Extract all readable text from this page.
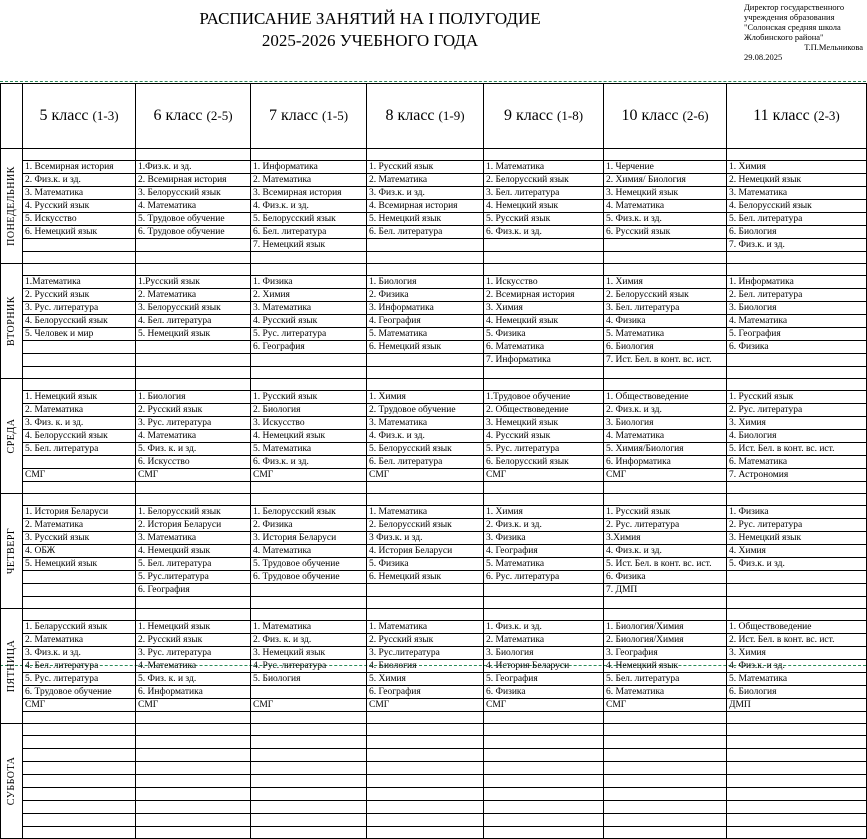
РАСПИСАНИЕ ЗАНЯТИЙ НА I ПОЛУГОДИЕ
2025-2026 УЧЕБНОГО ГОДА
Директор государственного
учреждения образования
"Солонская средняя школа
Жлобинского района"
Т.П.Мельникова
29.08.2025
	5 класс (1-3)	6 класс (2-5)	7 класс (1-5)	8 класс (1-9)	9 класс (1-8)	10 класс (2-6)	11 класс (2-3)

ПОНЕДЕЛЬНИК							

	1. Всемирная история	1.Физ.к. и зд.	1. Информатика	1. Русский язык	1. Математика	1. Черчение	1. Химия
	2. Физ.к. и зд.	2. Всемирная история	2. Математика	2. Математика	2. Белорусский язык	2. Химия/ Биология	2. Немецкий язык
	3. Математика	3. Белорусский язык	3. Всемирная история	3. Физ.к. и зд.	3. Бел. литература	3. Немецкий язык	3. Математика
	4. Русский язык	4. Математика	4. Физ.к. и зд.	4. Всемирная история	4. Немецкий язык	4. Математика	4. Белорусский язык
	5. Искусство	5. Трудовое обучение	5. Белорусский язык	5. Немецкий язык	5. Русский язык	5. Физ.к. и зд.	5. Бел. литература
	6. Немецкий язык	6. Трудовое обучение	6. Бел. литература	6. Бел. литература	6. Физ.к. и зд.	6. Русский язык	6. Биология
			7. Немецкий язык				7. Физ.к. и зд.

ВТОРНИК							

	1.Математика	1.Русский язык	1. Физика	1. Биология	1. Искусство	1. Химия	1. Информатика
	2. Русский язык	2. Математика	2. Химия	2. Физика	2. Всемирная история	2. Белорусский язык	2. Бел. литература
	3. Рус. литература	3. Белорусский язык	3. Математика	3. Информатика	3. Химия	3. Бел. литература	3. Биология
	4. Белорусский язык	4. Бел. литература	4. Русский язык	4. География	4. Немецкий язык	4. Физика	4. Математика
	5. Человек и мир	5. Немецкий язык	5. Рус. литература	5. Математика	5. Физика	5. Математика	5. География
			6. География	6. Немецкий язык	6. Математика	6. Биология	6. Физика
					7. Информатика	7. Ист. Бел. в конт. вс. ист.	

СРЕДА							

	1. Немецкий язык	1. Биология	1. Русский язык	1. Химия	1.Трудовое обучение	1. Обществоведение	1. Русский язык
	2. Математика	2. Русский язык	2. Биология	2. Трудовое обучение	2. Обществоведение	2. Физ.к. и зд.	2. Рус. литература
	3. Физ. к. и зд.	3. Рус. литература	3. Искусство	3. Математика	3. Немецкий язык	3. Биология	3. Химия
	4. Белорусский язык	4. Математика	4. Немецкий язык	4. Физ.к. и зд.	4. Русский язык	4. Математика	4. Биология
	5. Бел. литература	5. Физ. к. и зд.	5. Математика	5. Белорусский язык	5. Рус. литература	5. Химия/Биология	5. Ист. Бел. в конт. вс. ист.
		6. Искусство	6. Физ.к. и зд.	6. Бел. литература	6. Белорусский язык	6. Информатика	6. Математика
	СМГ	СМГ	СМГ	СМГ	СМГ	СМГ	7. Астрономия

ЧЕТВЕРГ							

	1. История Беларуси	1. Белорусский язык	1. Белорусский язык	1. Математика	1. Химия	1. Русский язык	1. Физика
	2. Математика	2. История Беларуси	2. Физика	2. Белорусский язык	2. Физ.к. и зд.	2. Рус. литература	2. Рус. литература
	3. Русский язык	3. Математика	3. История Беларуси	3 Физ.к. и зд.	3. Физика	3.Химия	3. Немецкий язык
	4. ОБЖ	4. Немецкий язык	4. Математика	4. История Беларуси	4. География	4. Физ.к. и зд.	4. Химия
	5. Немецкий язык	5. Бел. литература	5. Трудовое обучение	5. Физика	5. Математика	5. Ист. Бел. в конт. вс. ист.	5. Физ.к. и зд.
		5. Рус.литература	6. Трудовое обучение	6. Немецкий язык	6. Рус. литература	6. Физика	
		6. География				7. ДМП	

ПЯТНИЦА							

	1. Беларусский язык	1. Немецкий язык	1. Математика	1. Математика	1. Физ.к. и зд.	1. Биология/Химия	1. Обществоведение
	2. Математика	2. Русский язык	2. Физ. к. и зд.	2. Русский язык	2. Математика	2. Биология/Химия	2. Ист. Бел. в конт. вс. ист.
	3. Физ.к. и зд.	3. Рус. литература	3. Немецкий язык	3. Рус.литература	3. Биология	3. География	3. Химия
	4. Бел. литература	4. Математика	4. Рус. литература	4. Биология	4. История Беларуси	4. Немецкий язык	4. Физ.к. и зд.
	5. Рус. литература	5. Физ. к. и зд.	5. Биология	5. Химия	5. География	5. Бел. литература	5. Математика
	6. Трудовое обучение	6. Информатика		6. География	6. Физика	6. Математика	6. Биология
	СМГ	СМГ	СМГ	СМГ	СМГ	СМГ	ДМП

СУББОТА							
